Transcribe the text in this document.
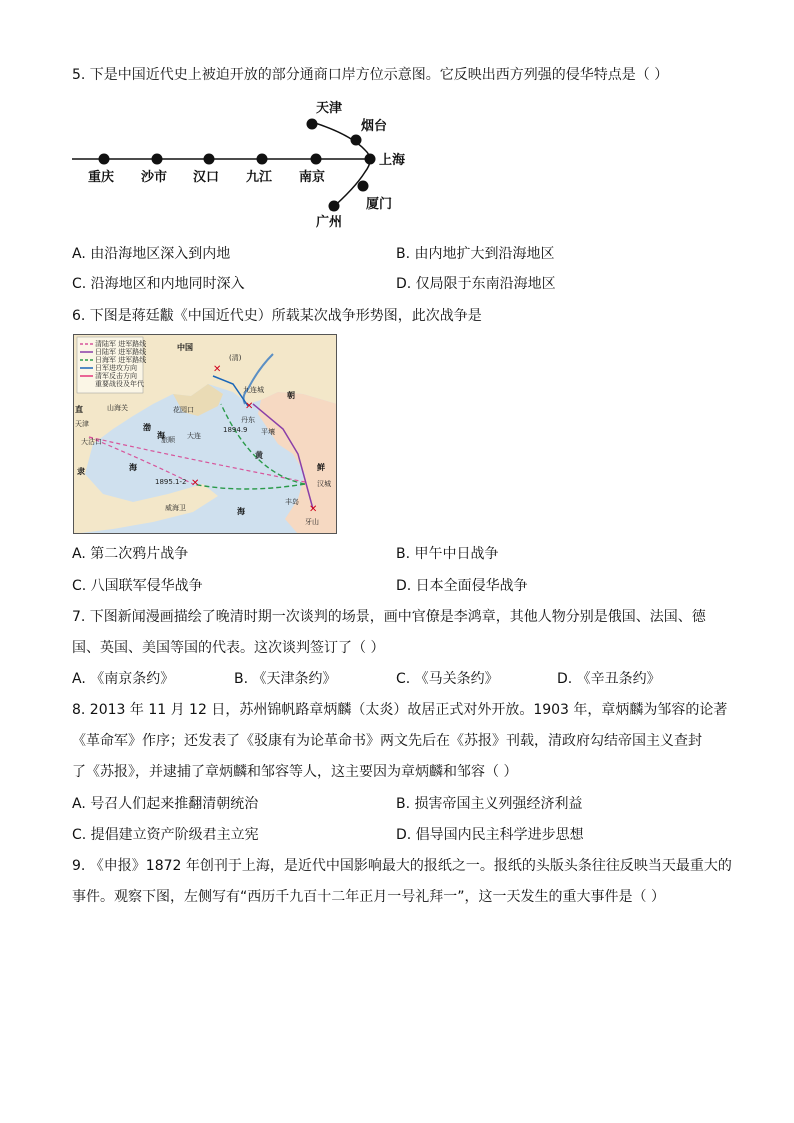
5. 下是中国近代史上被迫开放的部分通商口岸方位示意图。它反映出西方列强的侵华特点是（ ）
重庆 沙市 汉口 九江 南京
上海
天津
烟台
厦门
广州
A. 由沿海地区深入到内地	B. 由内地扩大到沿海地区
C. 沿海地区和内地同时深入	D. 仅局限于东南沿海地区
6. 下图是蒋廷黻《中国近代史）所载某次战争形势图，此次战争是
清陆军 进军路线
日陆军 进军路线
日海军 进军路线
日军进攻方向
清军反击方向
重要战役及年代
✕
✕
✕
✕
中国
(清)
朝
鲜
直
隶
天津
大沽口
山海关	花园口
旅顺 大连
威海卫
渤
海
黄
海
海
九连城
丹东
平壤
汉城
丰岛
牙山
1894.9
1895.1-2
A. 第二次鸦片战争	B. 甲午中日战争
C. 八国联军侵华战争	D. 日本全面侵华战争
7. 下图新闻漫画描绘了晚清时期一次谈判的场景，画中官僚是李鸿章，其他人物分别是俄国、法国、德
国、英国、美国等国的代表。这次谈判签订了（ ）
A. 《南京条约》	B. 《天津条约》	C. 《马关条约》	D. 《辛丑条约》
8. 2013 年 11 月 12 日，苏州锦帆路章炳麟（太炎）故居正式对外开放。1903 年，章炳麟为邹容的论著
《革命军》作序；还发表了《驳康有为论革命书》两文先后在《苏报》刊载，清政府勾结帝国主义查封
了《苏报》，并逮捕了章炳麟和邹容等人，这主要因为章炳麟和邹容（ ）
A. 号召人们起来推翻清朝统治	B. 损害帝国主义列强经济利益
C. 提倡建立资产阶级君主立宪	D. 倡导国内民主科学进步思想
9. 《申报》1872 年创刊于上海，是近代中国影响最大的报纸之一。报纸的头版头条往往反映当天最重大的
事件。观察下图，左侧写有“西历千九百十二年正月一号礼拜一”，这一天发生的重大事件是（ ）
